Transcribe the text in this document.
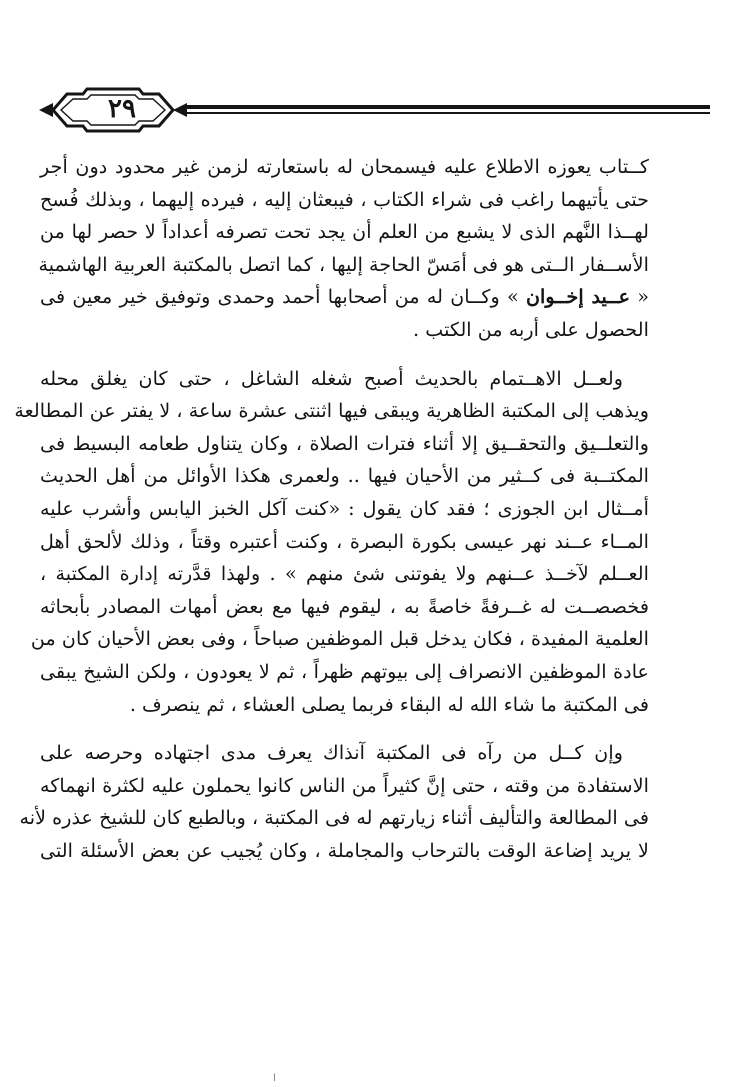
٢٩

كــتاب يعوزه الاطلاع عليه فيسمحان له باستعارته لزمن غير محدود دون أجر
حتى يأتيهما راغب فى شراء الكتاب ، فيبعثان إليه ، فيرده إليهما ، وبذلك فُسح
لهــذا النَّهم الذى لا يشبع من العلم أن يجد تحت تصرفه أعداداً لا حصر لها من
الأســفار الــتى هو فى أمَسّ الحاجة إليها ، كما اتصل بالمكتبة العربية الهاشمية
« عــيد إخــوان » وكــان له من أصحابها أحمد وحمدى وتوفيق خير معين فى
الحصول على أربه من الكتب .

ولعــل الاهــتمام بالحديث أصبح شغله الشاغل ، حتى كان يغلق محله
ويذهب إلى المكتبة الظاهرية ويبقى فيها اثنتى عشرة ساعة ، لا يفتر عن المطالعة
والتعلــيق والتحقــيق إلا أثناء فترات الصلاة ، وكان يتناول طعامه البسيط فى
المكتــبة فى كــثير من الأحيان فيها .. ولعمرى هكذا الأوائل من أهل الحديث
أمــثال ابن الجوزى ؛ فقد كان يقول : «كنت آكل الخبز اليابس وأشرب عليه
المــاء عــند نهر عيسى بكورة البصرة ، وكنت أعتبره وقتاً ، وذلك لألحق أهل
العــلم لآخــذ عــنهم ولا يفوتنى شئ منهم » . ولهذا قدَّرته إدارة المكتبة ،
فخصصــت له غــرفةً خاصةً به ، ليقوم فيها مع بعض أمهات المصادر بأبحاثه
العلمية المفيدة ، فكان يدخل قبل الموظفين صباحاً ، وفى بعض الأحيان كان من
عادة الموظفين الانصراف إلى بيوتهم ظهراً ، ثم لا يعودون ، ولكن الشيخ يبقى
فى المكتبة ما شاء الله له البقاء فربما يصلى العشاء ، ثم ينصرف .

وإن كــل من رآه فى المكتبة آنذاك يعرف مدى اجتهاده وحرصه على
الاستفادة من وقته ، حتى إنَّ كثيراً من الناس كانوا يحملون عليه لكثرة انهماكه
فى المطالعة والتأليف أثناء زيارتهم له فى المكتبة ، وبالطبع كان للشيخ عذره لأنه
لا يريد إضاعة الوقت بالترحاب والمجاملة ، وكان يُجيب عن بعض الأسئلة التى

ا
